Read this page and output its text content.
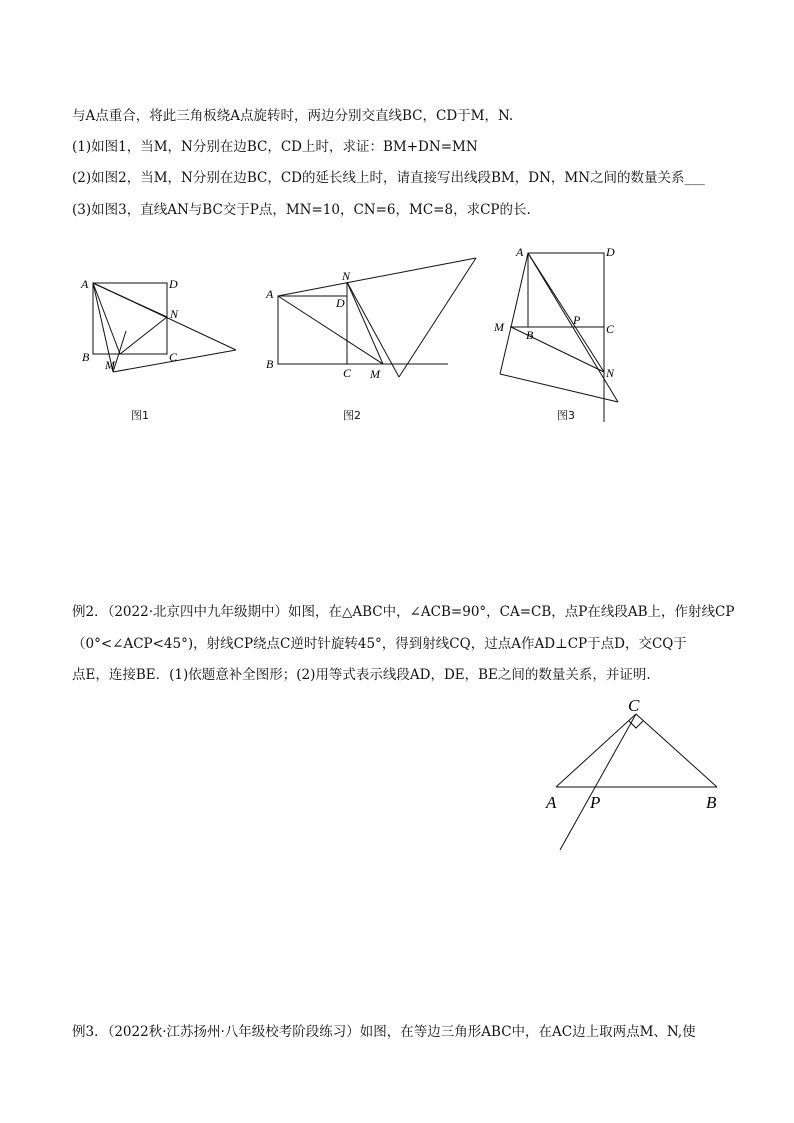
与A点重合，将此三角板绕A点旋转时，两边分别交直线BC，CD于M，N.
(1)如图1，当M，N分别在边BC，CD上时，求证：BM+DN=MN
(2)如图2，当M，N分别在边BC，CD的延长线上时，请直接写出线段BM，DN，MN之间的数量关系___
(3)如图3，直线AN与BC交于P点，MN=10，CN=6，MC=8，求CP的长.
A	D
N
B	C
M
A
N
D
B
C M
A	D
M
B
P
C
N
C
A P	B
图1	图2	图3
例2．（2022·北京四中九年级期中）如图，在△ABC中，∠ACB=90°，CA=CB，点P在线段AB上，作射线CP
（0°<∠ACP<45°)，射线CP绕点C逆时针旋转45°，得到射线CQ，过点A作AD⊥CP于点D，交CQ于
点E，连接BE．(1)依题意补全图形；(2)用等式表示线段AD，DE，BE之间的数量关系，并证明.
例3．（2022秋·江苏扬州·八年级校考阶段练习）如图，在等边三角形ABC中，在AC边上取两点M、N,使
